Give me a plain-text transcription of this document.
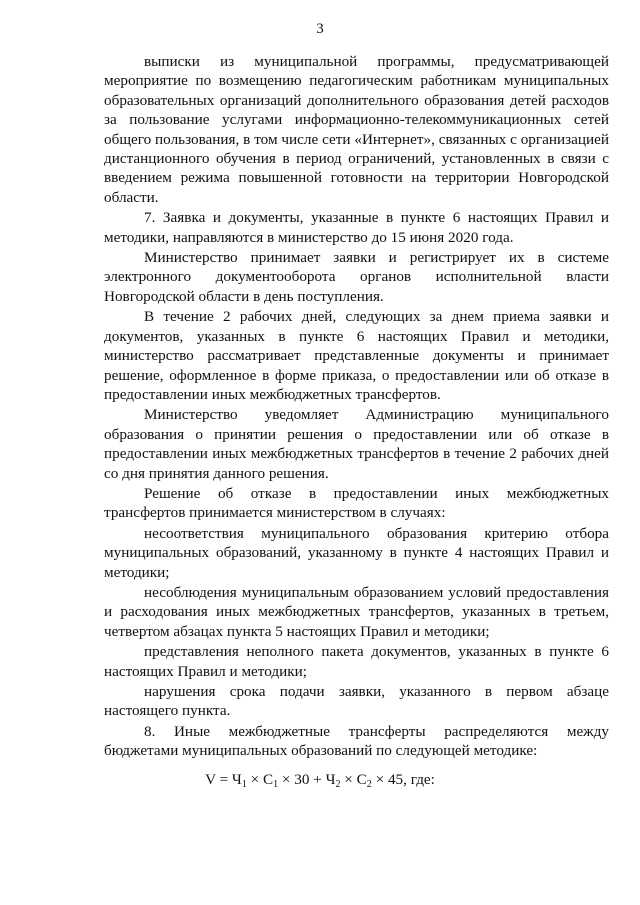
3

выписки из муниципальной программы, предусматривающей мероприятие по возмещению педагогическим работникам муниципальных образовательных организаций дополнительного образования детей расходов за пользование услугами информационно-телекоммуникационных сетей общего пользования, в том числе сети «Интернет», связанных с организацией дистанционного обучения в период ограничений, установленных в связи с введением режима повышенной готовности на территории Новгородской области.

7. Заявка и документы, указанные в пункте 6 настоящих Правил и методики, направляются в министерство до 15 июня 2020 года.

Министерство принимает заявки и регистрирует их в системе электронного документооборота органов исполнительной власти Новгородской области в день поступления.

В течение 2 рабочих дней, следующих за днем приема заявки и документов, указанных в пункте 6 настоящих Правил и методики, министерство рассматривает представленные документы и принимает решение, оформленное в форме приказа, о предоставлении или об отказе в предоставлении иных межбюджетных трансфертов.

Министерство уведомляет Администрацию муниципального образования о принятии решения о предоставлении или об отказе в предоставлении иных межбюджетных трансфертов в течение 2 рабочих дней со дня принятия данного решения.

Решение об отказе в предоставлении иных межбюджетных трансфертов принимается министерством в случаях:

несоответствия муниципального образования критерию отбора муниципальных образований, указанному в пункте 4 настоящих Правил и методики;

несоблюдения муниципальным образованием условий предоставления и расходования иных межбюджетных трансфертов, указанных в третьем, четвертом абзацах пункта 5 настоящих Правил и методики;

представления неполного пакета документов, указанных в пункте 6 настоящих Правил и методики;

нарушения срока подачи заявки, указанного в первом абзаце настоящего пункта.

8. Иные межбюджетные трансферты распределяются между бюджетами муниципальных образований по следующей методике:

$V = Ч_1 \times С_1 \times 30 + Ч_2 \times С_2 \times 45$, где:
